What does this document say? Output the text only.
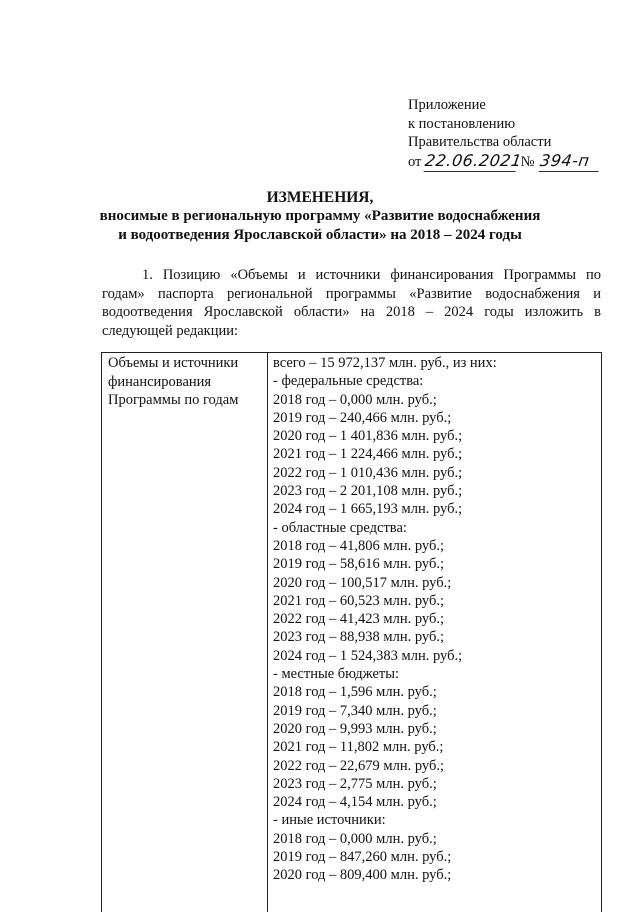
Приложение
к постановлению
Правительства области
от 22.06.2021 № 394-п
ИЗМЕНЕНИЯ,
вносимые в региональную программу «Развитие водоснабжения
и водоотведения Ярославской области» на 2018 – 2024 годы
1. Позицию «Объемы и источники финансирования Программы по годам» паспорта региональной программы «Развитие водоснабжения и водоотведения Ярославской области» на 2018 – 2024 годы изложить в следующей редакции:
Объемы и источники финансирования Программы по годам
всего – 15 972,137 млн. руб., из них:
- федеральные средства:
2018 год – 0,000 млн. руб.;
2019 год – 240,466 млн. руб.;
2020 год – 1 401,836 млн. руб.;
2021 год – 1 224,466 млн. руб.;
2022 год – 1 010,436 млн. руб.;
2023 год – 2 201,108 млн. руб.;
2024 год – 1 665,193 млн. руб.;
- областные средства:
2018 год – 41,806 млн. руб.;
2019 год – 58,616 млн. руб.;
2020 год – 100,517 млн. руб.;
2021 год – 60,523 млн. руб.;
2022 год – 41,423 млн. руб.;
2023 год – 88,938 млн. руб.;
2024 год – 1 524,383 млн. руб.;
- местные бюджеты:
2018 год – 1,596 млн. руб.;
2019 год – 7,340 млн. руб.;
2020 год – 9,993 млн. руб.;
2021 год – 11,802 млн. руб.;
2022 год – 22,679 млн. руб.;
2023 год – 2,775 млн. руб.;
2024 год – 4,154 млн. руб.;
- иные источники:
2018 год – 0,000 млн. руб.;
2019 год – 847,260 млн. руб.;
2020 год – 809,400 млн. руб.;
